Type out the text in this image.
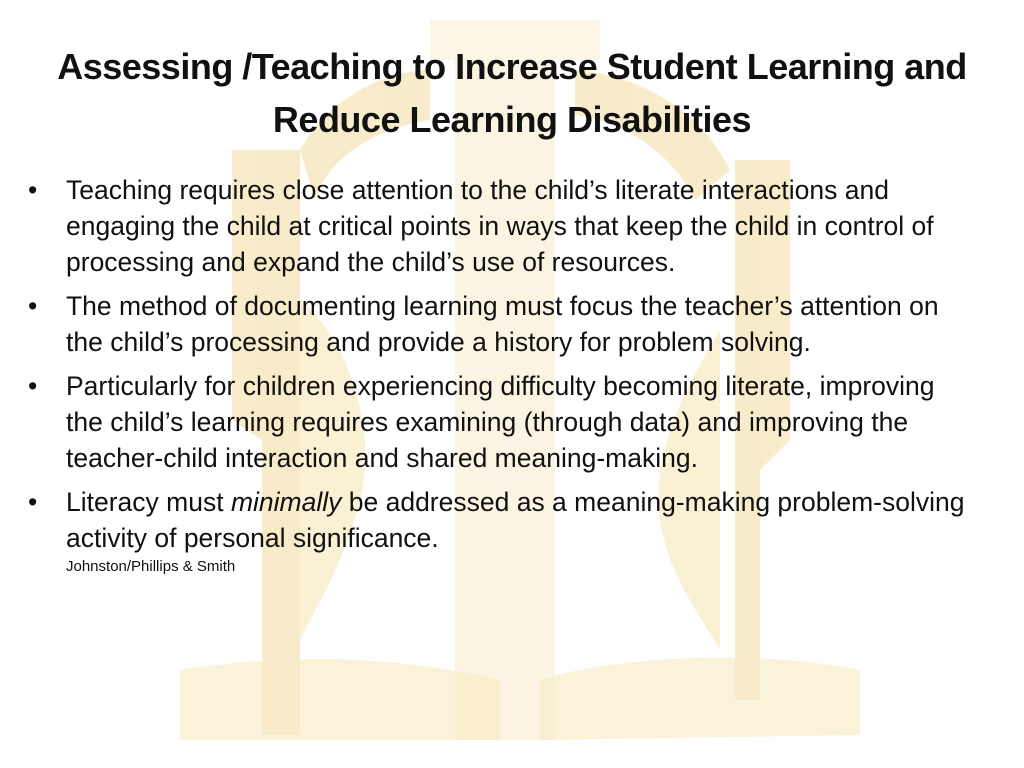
Assessing /Teaching to Increase Student Learning and Reduce Learning Disabilities
•	Teaching requires close attention to the child’s literate interactions and engaging the child at critical points in ways that keep the child in control of processing and expand the child’s use of resources.
•	The method of documenting learning must focus the teacher’s attention on the child’s processing and provide a history for problem solving.
•	Particularly for children experiencing difficulty becoming literate, improving the child’s learning requires examining (through data) and improving the teacher-child interaction and shared meaning-making.
•	Literacy must minimally be addressed as a meaning-making problem-solving activity of personal significance.
Johnston/Phillips & Smith
